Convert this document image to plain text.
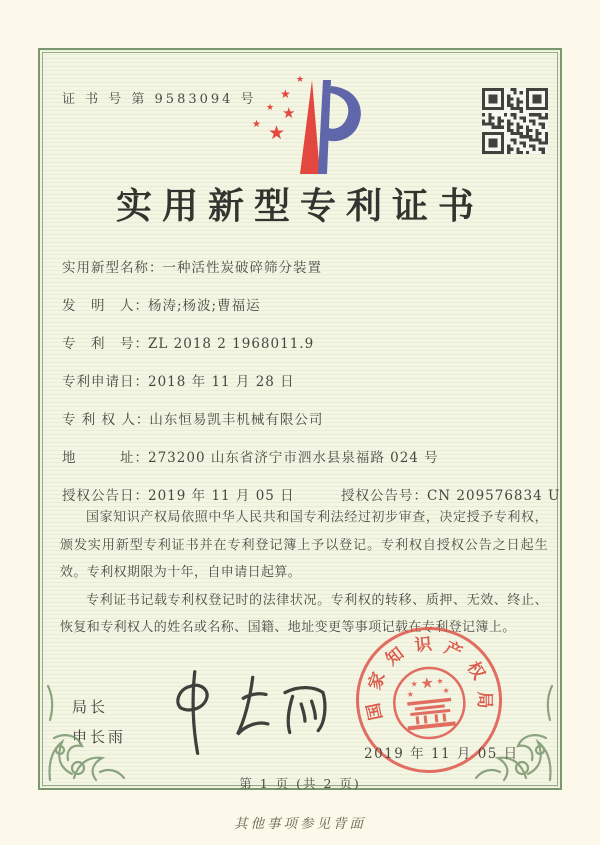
证 书 号 第 9583094 号
★
★
★ ★
★ ★
实用新型专利证书
实用新型名称：一种活性炭破碎筛分装置
发　明　人：杨涛;杨波;曹福运
专　利　号：ZL 2018 2 1968011.9
专利申请日：2018 年 11 月 28 日
专 利 权 人：山东恒易凯丰机械有限公司
地　　　址：273200 山东省济宁市泗水县泉福路 024 号
授权公告日：2019 年 11 月 05 日	授权公告号：CN 209576834 U

国家知识产权局依照中华人民共和国专利法经过初步审查，决定授予专利权，颁发实用新型专利证书并在专利登记簿上予以登记。专利权自授权公告之日起生效。专利权期限为十年，自申请日起算。

专利证书记载专利权登记时的法律状况。专利权的转移、质押、无效、终止、恢复和专利权人的姓名或名称、国籍、地址变更等事项记载在专利登记簿上。

局长
申长雨
国
家
知 识 产
权
局
★
★ ★
★	★
2019 年 11 月 05 日
第 1 页 (共 2 页)
其他事项参见背面
